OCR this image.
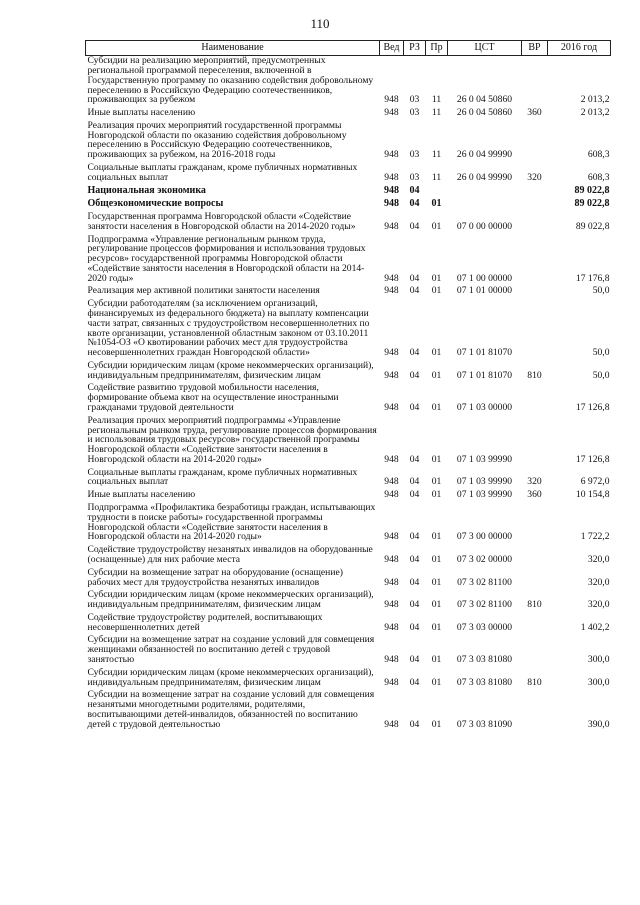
110
Наименование	Вед	РЗ	Пр	ЦСТ	ВР	2016 год
Субсидии на реализацию мероприятий, предусмотренных региональной программой переселения, включенной в Государственную программу по оказанию содействия добровольному переселению в Российскую Федерацию соотечественников, проживающих за рубежом	948	03	11	26 0 04 50860		2 013,2
Иные выплаты населению	948	03	11	26 0 04 50860	360	2 013,2
Реализация прочих мероприятий государственной программы Новгородской области по оказанию содействия добровольному переселению в Российскую Федерацию соотечественников, проживающих за рубежом, на 2016-2018 годы	948	03	11	26 0 04 99990		608,3
Социальные выплаты гражданам, кроме публичных нормативных социальных выплат	948	03	11	26 0 04 99990	320	608,3
Национальная экономика	948	04				89 022,8
Общеэкономические вопросы	948	04	01			89 022,8
Государственная программа Новгородской области «Содействие занятости населения в Новгородской области на 2014-2020 годы»	948	04	01	07 0 00 00000		89 022,8
Подпрограмма «Управление региональным рынком труда, регулирование процессов формирования и использования трудовых ресурсов» государственной программы Новгородской области «Содействие занятости населения в Новгородской области на 2014-2020 годы»	948	04	01	07 1 00 00000		17 176,8
Реализация мер активной политики занятости населения	948	04	01	07 1 01 00000		50,0
Субсидии работодателям (за исключением организаций, финансируемых из федерального бюджета) на выплату компенсации части затрат, связанных с трудоустройством несовершеннолетних по квоте организации, установленной областным законом от 03.10.2011 №1054-ОЗ «О квотировании рабочих мест для трудоустройства несовершеннолетних граждан Новгородской области»	948	04	01	07 1 01 81070		50,0
Субсидии юридическим лицам (кроме некоммерческих организаций), индивидуальным предпринимателям, физическим лицам	948	04	01	07 1 01 81070	810	50,0
Содействие развитию трудовой мобильности населения, формирование объема квот на осуществление иностранными гражданами трудовой деятельности	948	04	01	07 1 03 00000		17 126,8
Реализация прочих мероприятий подпрограммы «Управление региональным рынком труда, регулирование процессов формирования и использования трудовых ресурсов» государственной программы Новгородской области «Содействие занятости населения в Новгородской области на 2014-2020 годы»	948	04	01	07 1 03 99990		17 126,8
Социальные выплаты гражданам, кроме публичных нормативных социальных выплат	948	04	01	07 1 03 99990	320	6 972,0
Иные выплаты населению	948	04	01	07 1 03 99990	360	10 154,8
Подпрограмма «Профилактика безработицы граждан, испытывающих трудности в поиске работы» государственной программы Новгородской области «Содействие занятости населения в Новгородской области на 2014-2020 годы»	948	04	01	07 3 00 00000		1 722,2
Содействие трудоустройству незанятых инвалидов на оборудованные (оснащенные) для них рабочие места	948	04	01	07 3 02 00000		320,0
Субсидии на возмещение затрат на оборудование (оснащение) рабочих мест для трудоустройства незанятых инвалидов	948	04	01	07 3 02 81100		320,0
Субсидии юридическим лицам (кроме некоммерческих организаций), индивидуальным предпринимателям, физическим лицам	948	04	01	07 3 02 81100	810	320,0
Содействие трудоустройству родителей, воспитывающих несовершеннолетних детей	948	04	01	07 3 03 00000		1 402,2
Субсидии на возмещение затрат на создание условий для совмещения женщинами обязанностей по воспитанию детей с трудовой занятостью	948	04	01	07 3 03 81080		300,0
Субсидии юридическим лицам (кроме некоммерческих организаций), индивидуальным предпринимателям, физическим лицам	948	04	01	07 3 03 81080	810	300,0
Субсидии на возмещение затрат на создание условий для совмещения незанятыми многодетными родителями, родителями, воспитывающими детей-инвалидов, обязанностей по воспитанию детей с трудовой деятельностью	948	04	01	07 3 03 81090		390,0
